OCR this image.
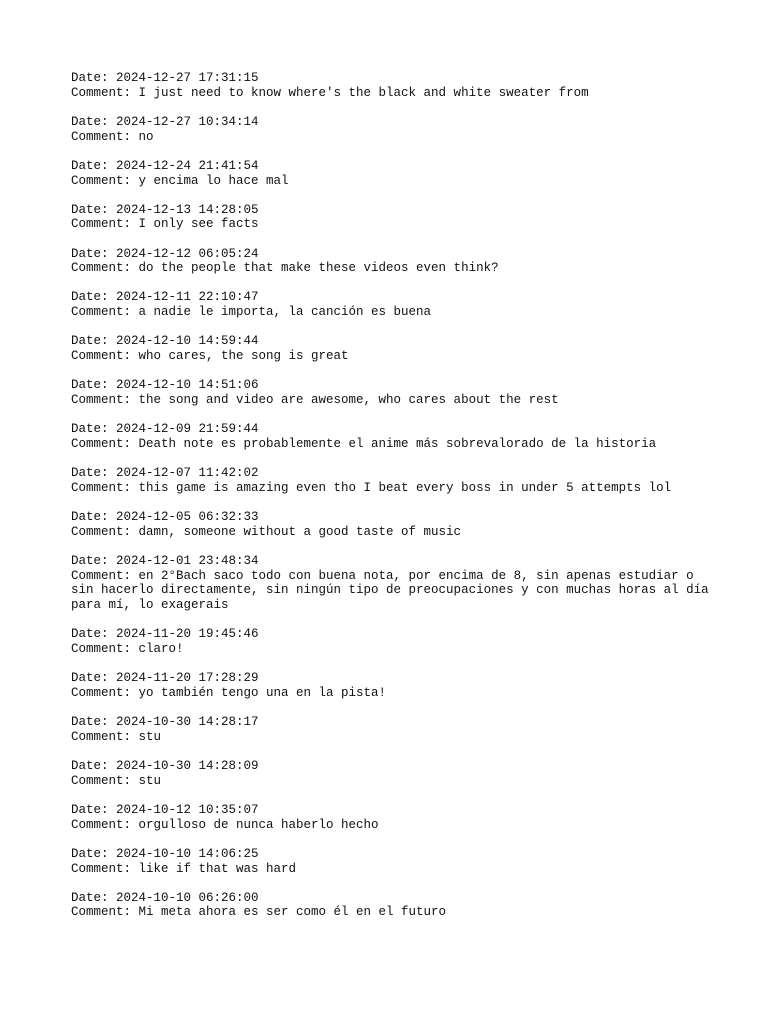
Date: 2024-12-27 17:31:15
Comment: I just need to know where's the black and white sweater from
Date: 2024-12-27 10:34:14
Comment: no
Date: 2024-12-24 21:41:54
Comment: y encima lo hace mal
Date: 2024-12-13 14:28:05
Comment: I only see facts
Date: 2024-12-12 06:05:24
Comment: do the people that make these videos even think?
Date: 2024-12-11 22:10:47
Comment: a nadie le importa, la canción es buena
Date: 2024-12-10 14:59:44
Comment: who cares, the song is great
Date: 2024-12-10 14:51:06
Comment: the song and video are awesome, who cares about the rest
Date: 2024-12-09 21:59:44
Comment: Death note es probablemente el anime más sobrevalorado de la historia
Date: 2024-12-07 11:42:02
Comment: this game is amazing even tho I beat every boss in under 5 attempts lol
Date: 2024-12-05 06:32:33
Comment: damn, someone without a good taste of music
Date: 2024-12-01 23:48:34
Comment: en 2°Bach saco todo con buena nota, por encima de 8, sin apenas estudiar o sin hacerlo directamente, sin ningún tipo de preocupaciones y con muchas horas al día para mí, lo exagerais
Date: 2024-11-20 19:45:46
Comment: claro!
Date: 2024-11-20 17:28:29
Comment: yo también tengo una en la pista!
Date: 2024-10-30 14:28:17
Comment: stu
Date: 2024-10-30 14:28:09
Comment: stu
Date: 2024-10-12 10:35:07
Comment: orgulloso de nunca haberlo hecho
Date: 2024-10-10 14:06:25
Comment: like if that was hard
Date: 2024-10-10 06:26:00
Comment: Mi meta ahora es ser como él en el futuro
